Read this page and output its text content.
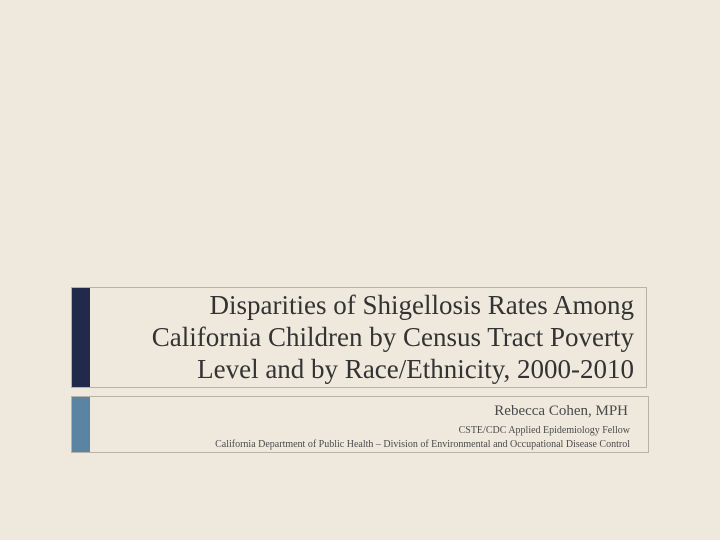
Disparities of Shigellosis Rates Among California Children by Census Tract Poverty Level and by Race/Ethnicity, 2000-2010
Rebecca Cohen, MPH
CSTE/CDC Applied Epidemiology Fellow
California Department of Public Health – Division of Environmental and Occupational Disease Control
